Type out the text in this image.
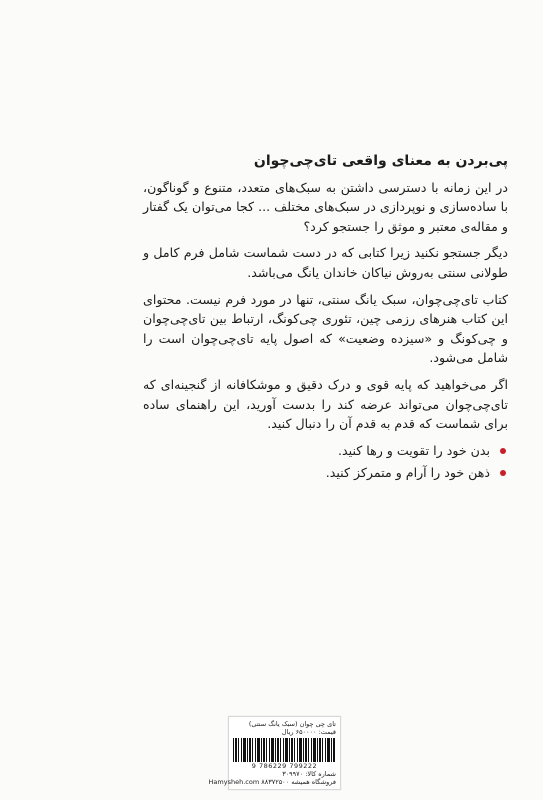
پی‌بردن به معنای واقعی تای‌چی‌چوان

در این زمانه با دسترسی داشتن به سبک‌های متعدد، متنوع و گوناگون، با ساده‌سازی و نوپردازی در سبک‌های مختلف ... کجا می‌توان یک گفتار و مقاله‌ی معتبر و موثق را جستجو کرد؟

دیگر جستجو نکنید زیرا کتابی که در دست شماست شامل فرم کامل و طولانی سنتی به‌روش نیاکان خاندان یانگ می‌باشد.

کتاب تای‌چی‌چوان، سبک یانگ سنتی، تنها در مورد فرم نیست. محتوای این کتاب هنرهای رزمی چین، تئوری چی‌کونگ، ارتباط بین تای‌چی‌چوان و چی‌کونگ و «سیزده وضعیت» که اصول پایه تای‌چی‌چوان است را شامل می‌شود.

اگر می‌خواهید که پایه قوی و درک دقیق و موشکافانه از گنجینه‌ای که تای‌چی‌چوان می‌تواند عرضه کند را بدست آورید، این راهنمای ساده برای شماست که قدم به قدم آن را دنبال کنید.

بدن خود را تقویت و رها کنید.
ذهن خود را آرام و متمرکز کنید.
تای چی چوان (سبک یانگ سنتی)
قیمت: ۶۵۰۰۰۰ ریال
9 786229 799222
شماره کالا: ۳۰۹۹۷۰
فروشگاه همیشه Hamysheh.com ۸۸۳۷۲۵۰۰
